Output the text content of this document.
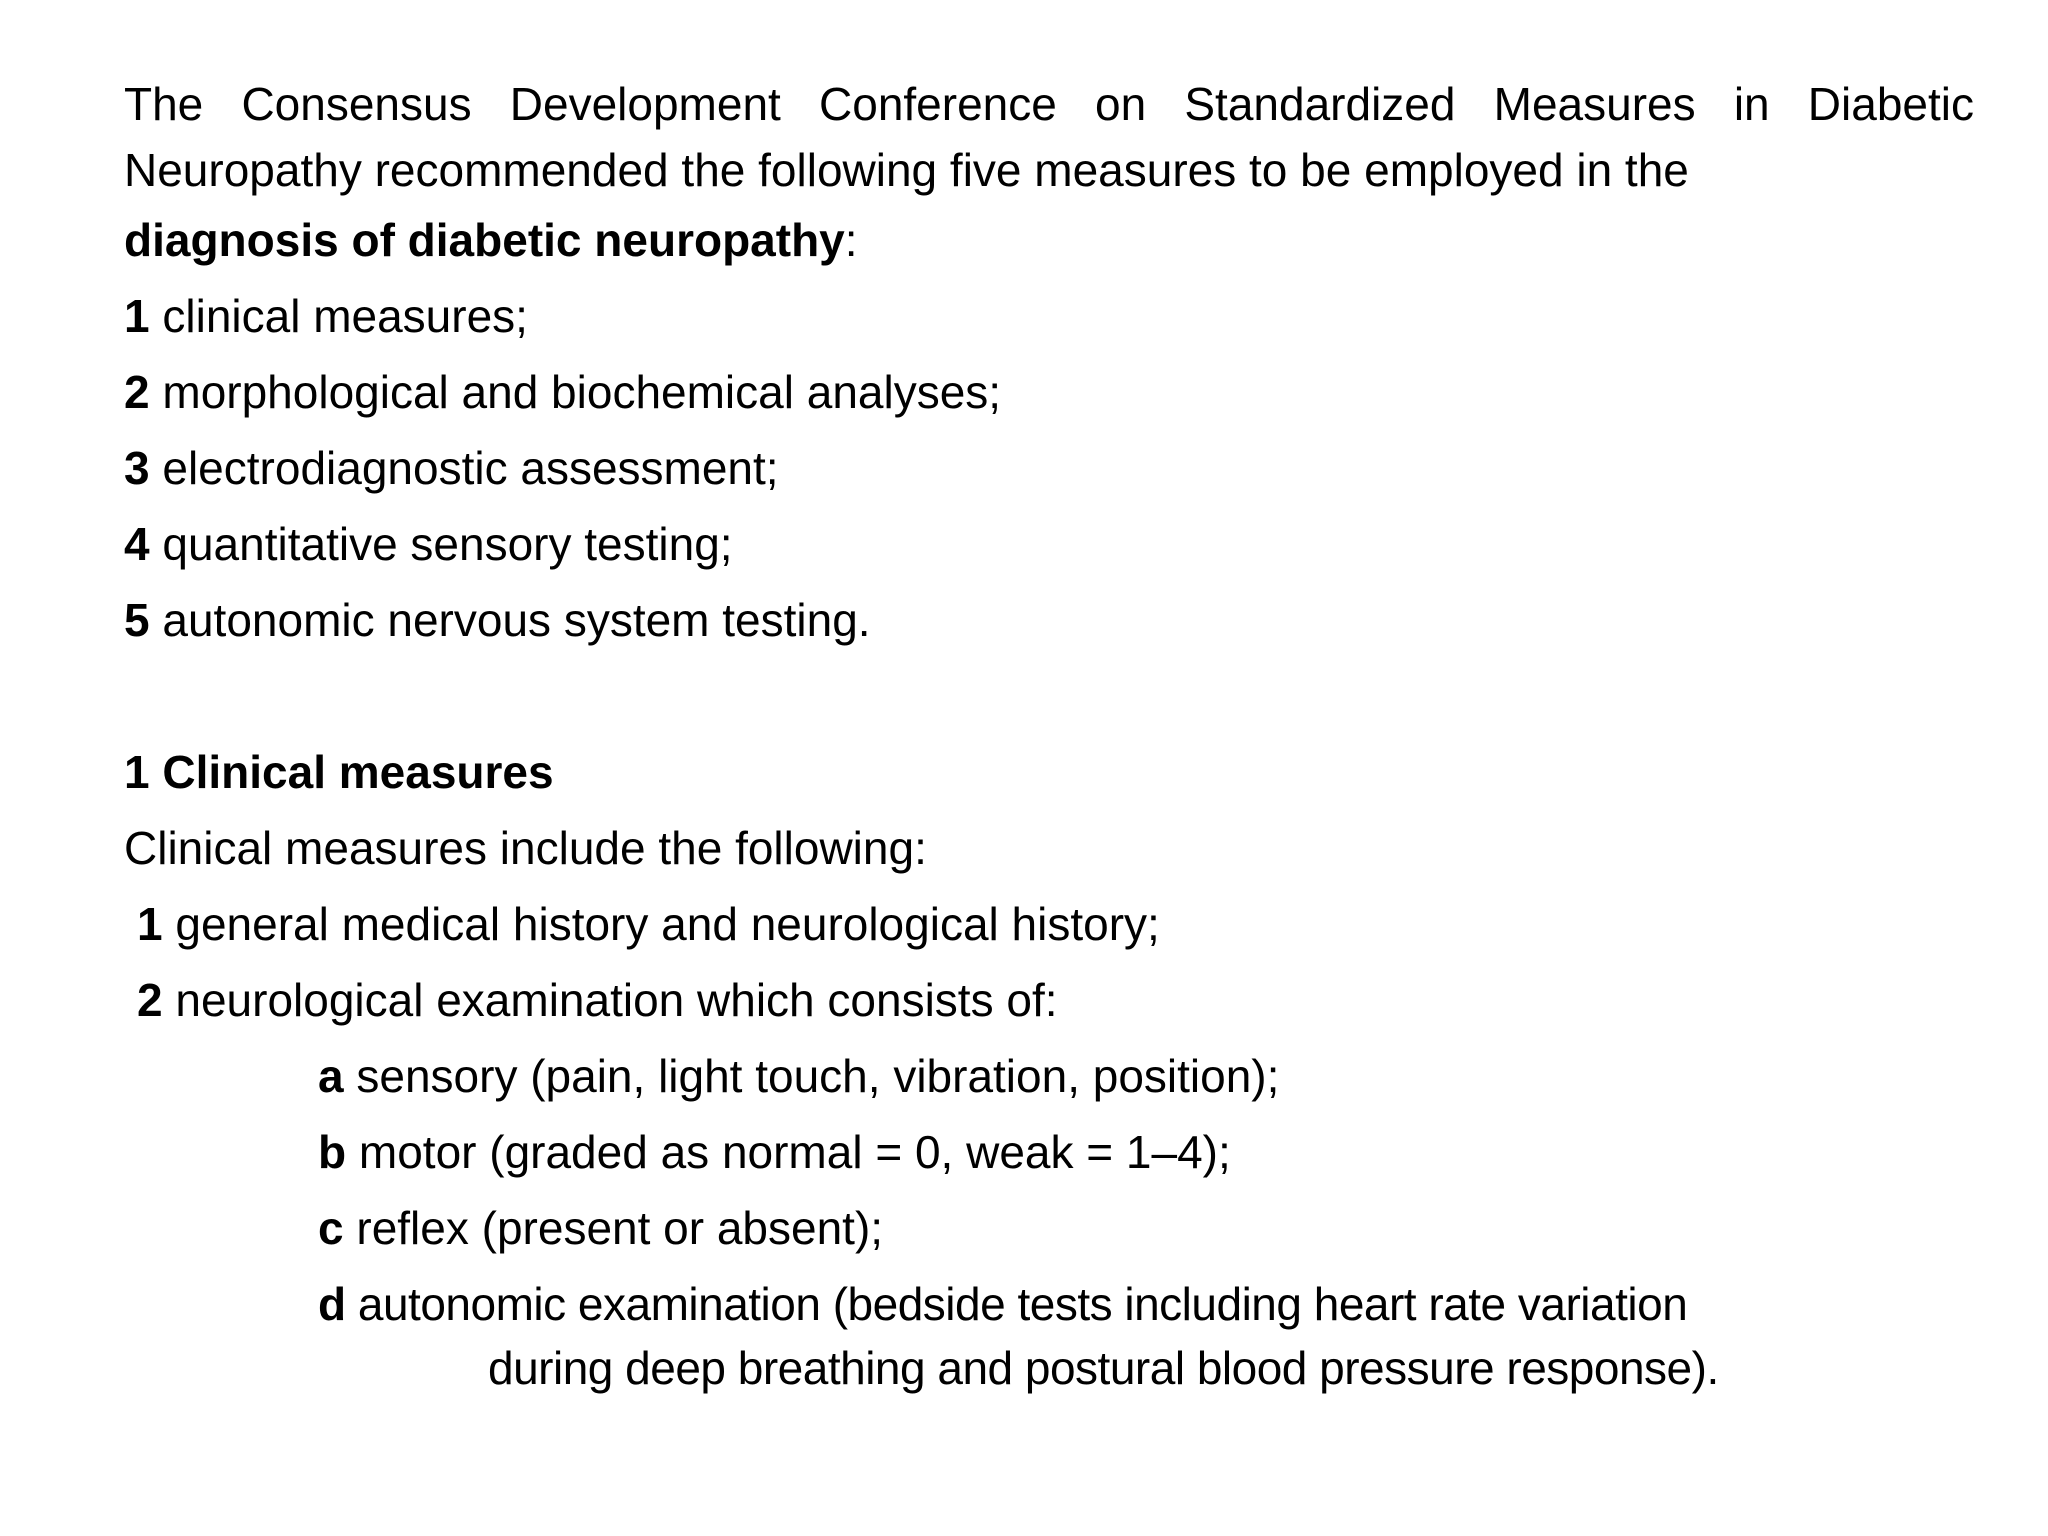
The Consensus Development Conference on Standardized Measures in Diabetic
Neuropathy recommended the following five measures to be employed in the
diagnosis of diabetic neuropathy:
1 clinical measures;
2 morphological and biochemical analyses;
3 electrodiagnostic assessment;
4 quantitative sensory testing;
5 autonomic nervous system testing.
1 Clinical measures
Clinical measures include the following:
1 general medical history and neurological history;
2 neurological examination which consists of:
a sensory (pain, light touch, vibration, position);
b motor (graded as normal = 0, weak = 1–4);
c reflex (present or absent);
d autonomic examination (bedside tests including heart rate variation
during deep breathing and postural blood pressure response).
